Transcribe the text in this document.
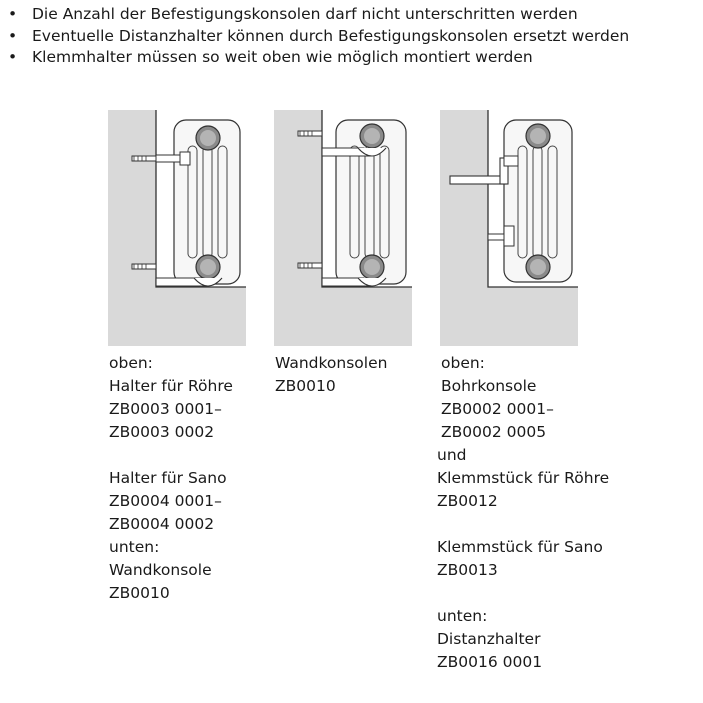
• Die Anzahl der Befestigungskonsolen darf nicht unterschritten werden
• Eventuelle Distanzhalter können durch Befestigungskonsolen ersetzt werden
• Klemmhalter müssen so weit oben wie möglich montiert werden
oben:
Halter für Röhre
ZB0003 0001–
ZB0003 0002
Halter für Sano
ZB0004 0001–
ZB0004 0002
unten:
Wandkonsole
ZB0010
Wandkonsolen
ZB0010
oben:
Bohrkonsole
ZB0002 0001–
ZB0002 0005
und
Klemmstück für Röhre
ZB0012
Klemmstück für Sano
ZB0013
unten:
Distanzhalter
ZB0016 0001
